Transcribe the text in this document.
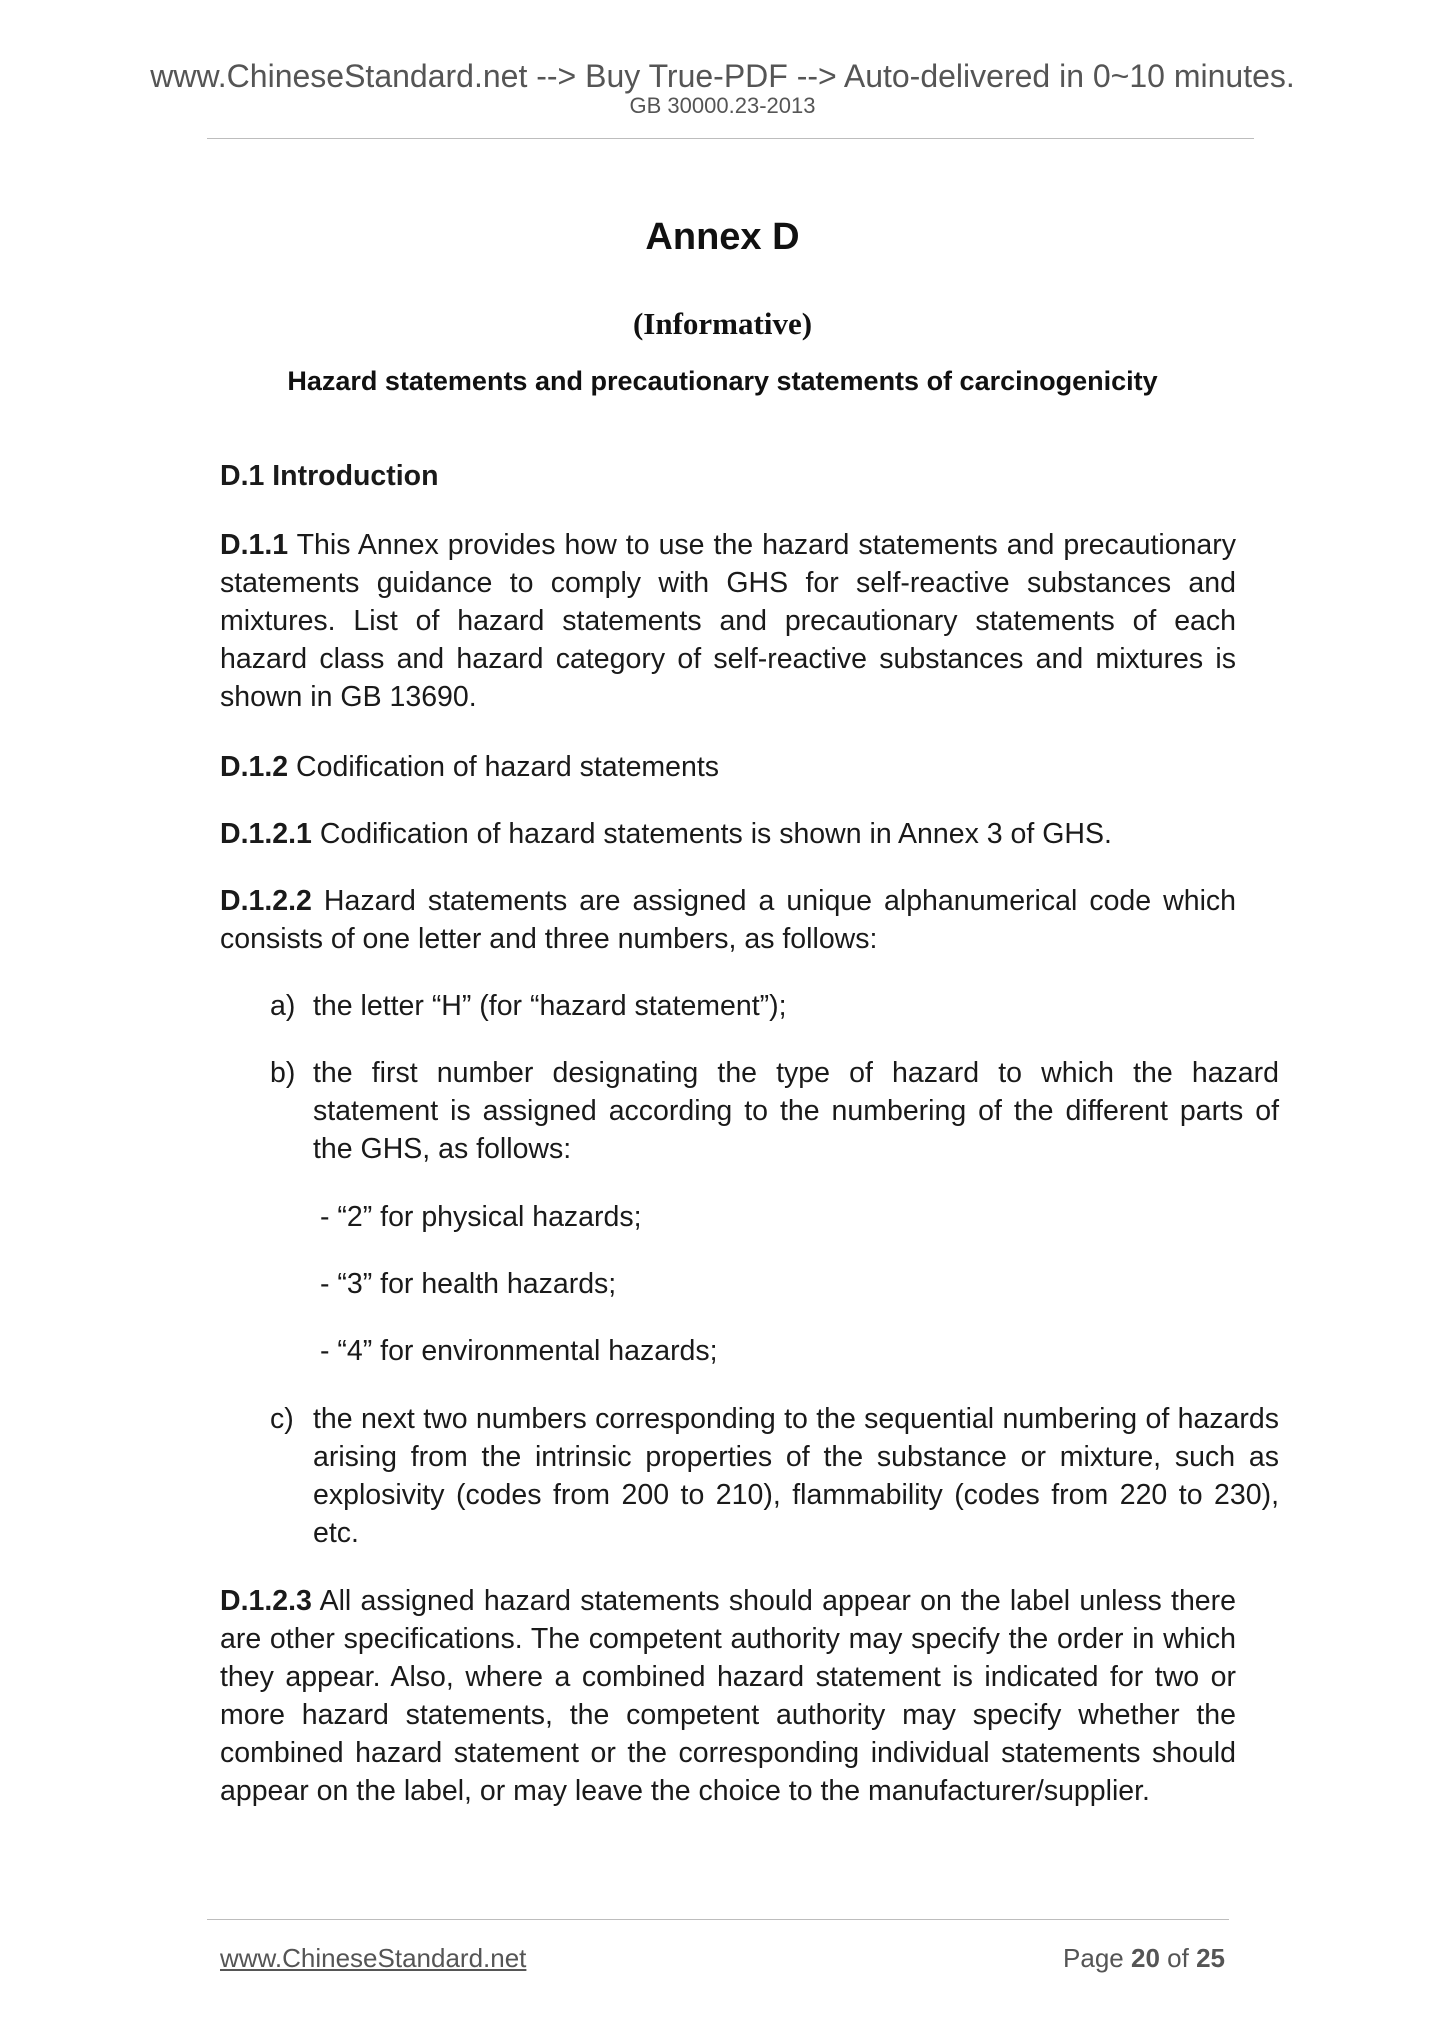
www.ChineseStandard.net --> Buy True-PDF --> Auto-delivered in 0~10 minutes.
GB 30000.23-2013
Annex D
(Informative)
Hazard statements and precautionary statements of carcinogenicity
D.1 Introduction

D.1.1 This Annex provides how to use the hazard statements and precautionary statements guidance to comply with GHS for self-reactive substances and mixtures. List of hazard statements and precautionary statements of each hazard class and hazard category of self-reactive substances and mixtures is shown in GB 13690.

D.1.2 Codification of hazard statements

D.1.2.1 Codification of hazard statements is shown in Annex 3 of GHS.

D.1.2.2 Hazard statements are assigned a unique alphanumerical code which consists of one letter and three numbers, as follows:

a) the letter “H” (for “hazard statement”);

b) the first number designating the type of hazard to which the hazard statement is assigned according to the numbering of the different parts of the GHS, as follows:

- “2” for physical hazards;

- “3” for health hazards;

- “4” for environmental hazards;

c) the next two numbers corresponding to the sequential numbering of hazards arising from the intrinsic properties of the substance or mixture, such as explosivity (codes from 200 to 210), flammability (codes from 220 to 230), etc.

D.1.2.3 All assigned hazard statements should appear on the label unless there are other specifications. The competent authority may specify the order in which they appear. Also, where a combined hazard statement is indicated for two or more hazard statements, the competent authority may specify whether the combined hazard statement or the corresponding individual statements should appear on the label, or may leave the choice to the manufacturer/supplier.

www.ChineseStandard.net	Page 20 of 25
